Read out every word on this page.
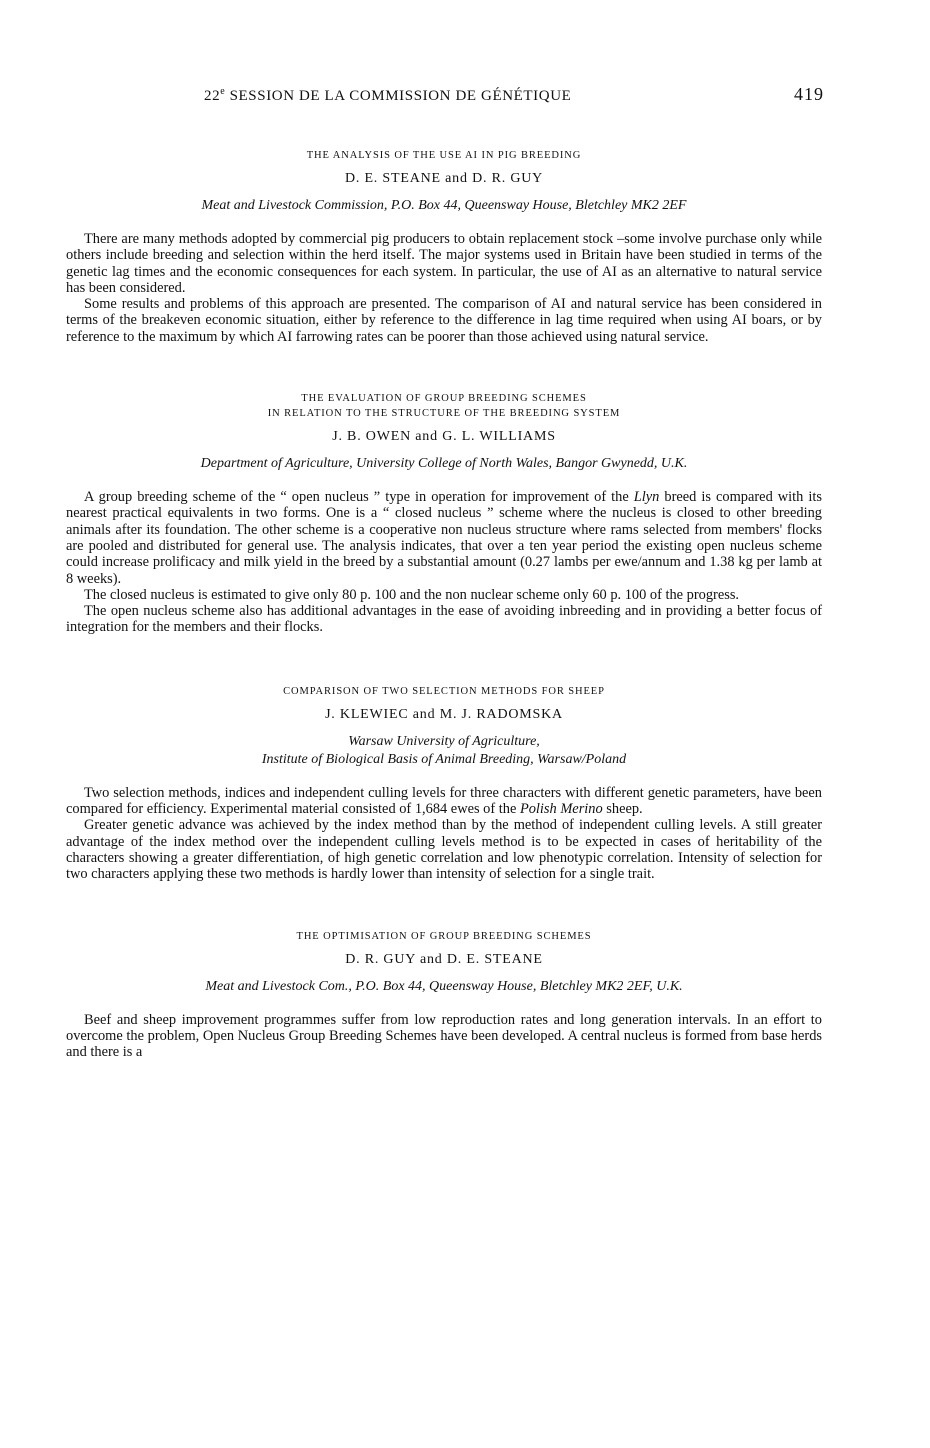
22e SESSION DE LA COMMISSION DE GÉNÉTIQUE	419
THE ANALYSIS OF THE USE AI IN PIG BREEDING
D. E. STEANE and D. R. GUY
Meat and Livestock Commission, P.O. Box 44, Queensway House, Bletchley MK2 2EF

There are many methods adopted by commercial pig producers to obtain replacement stock –some involve purchase only while others include breeding and selection within the herd itself. The major systems used in Britain have been studied in terms of the genetic lag times and the economic consequences for each system. In particular, the use of AI as an alternative to natural service has been considered.

Some results and problems of this approach are presented. The comparison of AI and natural service has been considered in terms of the breakeven economic situation, either by reference to the difference in lag time required when using AI boars, or by reference to the maximum by which AI farrowing rates can be poorer than those achieved using natural service.

THE EVALUATION OF GROUP BREEDING SCHEMES
IN RELATION TO THE STRUCTURE OF THE BREEDING SYSTEM
J. B. OWEN and G. L. WILLIAMS
Department of Agriculture, University College of North Wales, Bangor Gwynedd, U.K.

A group breeding scheme of the “ open nucleus ” type in operation for improvement of the Llyn breed is compared with its nearest practical equivalents in two forms. One is a “ closed nucleus ” scheme where the nucleus is closed to other breeding animals after its foundation. The other scheme is a cooperative non nucleus structure where rams selected from members' flocks are pooled and distributed for general use. The analysis indicates, that over a ten year period the existing open nucleus scheme could increase prolificacy and milk yield in the breed by a substantial amount (0.27 lambs per ewe/annum and 1.38 kg per lamb at 8 weeks).

The closed nucleus is estimated to give only 80 p. 100 and the non nuclear scheme only 60 p. 100 of the progress.

The open nucleus scheme also has additional advantages in the ease of avoiding inbreeding and in providing a better focus of integration for the members and their flocks.

COMPARISON OF TWO SELECTION METHODS FOR SHEEP
J. KLEWIEC and M. J. RADOMSKA
Warsaw University of Agriculture,
Institute of Biological Basis of Animal Breeding, Warsaw/Poland

Two selection methods, indices and independent culling levels for three characters with different genetic parameters, have been compared for efficiency. Experimental material consisted of 1,684 ewes of the Polish Merino sheep.

Greater genetic advance was achieved by the index method than by the method of independent culling levels. A still greater advantage of the index method over the independent culling levels method is to be expected in cases of heritability of the characters showing a greater differentiation, of high genetic correlation and low phenotypic correlation. Intensity of selection for two characters applying these two methods is hardly lower than intensity of selection for a single trait.

THE OPTIMISATION OF GROUP BREEDING SCHEMES
D. R. GUY and D. E. STEANE
Meat and Livestock Com., P.O. Box 44, Queensway House, Bletchley MK2 2EF, U.K.

Beef and sheep improvement programmes suffer from low reproduction rates and long generation intervals. In an effort to overcome the problem, Open Nucleus Group Breeding Schemes have been developed. A central nucleus is formed from base herds and there is a
